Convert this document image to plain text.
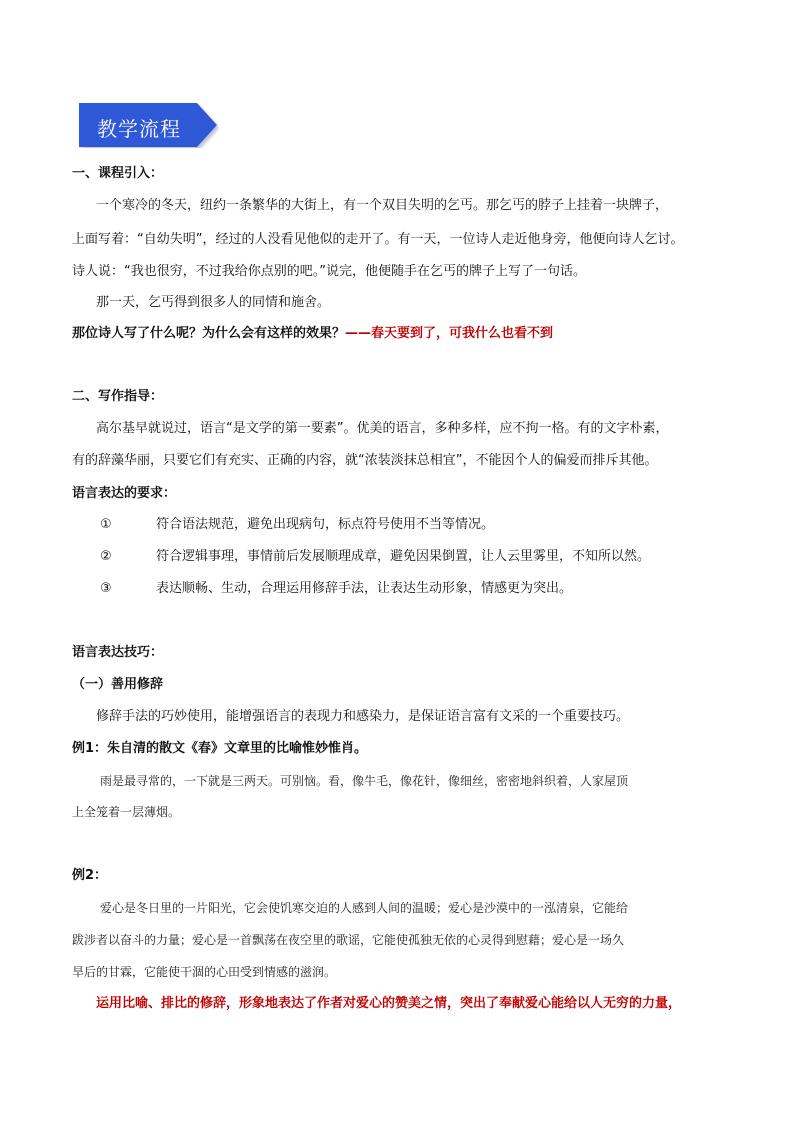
教学流程
一、课程引入：
一个寒冷的冬天，纽约一条繁华的大街上，有一个双目失明的乞丐。那乞丐的脖子上挂着一块牌子，
上面写着：“自幼失明”，经过的人没看见他似的走开了。有一天，一位诗人走近他身旁，他便向诗人乞讨。
诗人说：“我也很穷，不过我给你点别的吧。”说完，他便随手在乞丐的牌子上写了一句话。
那一天，乞丐得到很多人的同情和施舍。
那位诗人写了什么呢？为什么会有这样的效果？——春天要到了，可我什么也看不到
二、写作指导：
高尔基早就说过，语言“是文学的第一要素”。优美的语言，多种多样，应不拘一格。有的文字朴素，
有的辞藻华丽，只要它们有充实、正确的内容，就“浓装淡抹总相宜”，不能因个人的偏爱而排斥其他。
语言表达的要求：
①	符合语法规范，避免出现病句，标点符号使用不当等情况。
②	符合逻辑事理，事情前后发展顺理成章，避免因果倒置，让人云里雾里，不知所以然。
③	表达顺畅、生动，合理运用修辞手法，让表达生动形象，情感更为突出。
语言表达技巧：
（一）善用修辞
修辞手法的巧妙使用，能增强语言的表现力和感染力，是保证语言富有文采的一个重要技巧。
例1：朱自清的散文《春》文章里的比喻惟妙惟肖。
雨是最寻常的，一下就是三两天。可别恼。看，像牛毛，像花针，像细丝，密密地斜织着，人家屋顶
上全笼着一层薄烟。
例2：
爱心是冬日里的一片阳光，它会使饥寒交迫的人感到人间的温暖；爱心是沙漠中的一泓清泉，它能给
跋涉者以奋斗的力量；爱心是一首飘荡在夜空里的歌谣，它能使孤独无依的心灵得到慰藉；爱心是一场久
旱后的甘霖，它能使干涸的心田受到情感的滋润。
运用比喻、排比的修辞，形象地表达了作者对爱心的赞美之情，突出了奉献爱心能给以人无穷的力量，
